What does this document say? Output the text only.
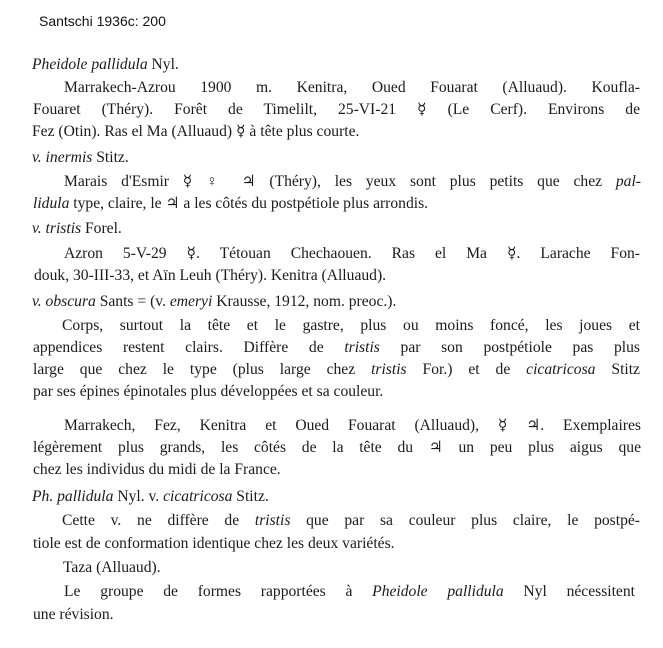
Santschi 1936c: 200
Pheidole pallidula Nyl.
Marrakech-Azrou 1900 m. Kenitra, Oued Fouarat (Alluaud). Koufla-
Fouaret (Théry). Forêt de Timelilt, 25-VI-21 ☿ (Le Cerf). Environs de
Fez (Otin). Ras el Ma (Alluaud) ☿ à tête plus courte.
v. inermis Stitz.
Marais d'Esmir ☿ ♀ ♃ (Théry), les yeux sont plus petits que chez pal-
lidula type, claire, le ♃ a les côtés du postpétiole plus arrondis.
v. tristis Forel.
Azron 5-V-29 ☿. Tétouan Chechaouen. Ras el Ma ☿. Larache Fon-
douk, 30-III-33, et Aïn Leuh (Théry). Kenitra (Alluaud).
v. obscura Sants = (v. emeryi Krausse, 1912, nom. preoc.).
Corps, surtout la tête et le gastre, plus ou moins foncé, les joues et
appendices restent clairs. Diffère de tristis par son postpétiole pas plus
large que chez le type (plus large chez tristis For.) et de cicatricosa Stitz
par ses épines épinotales plus développées et sa couleur.
Marrakech, Fez, Kenitra et Oued Fouarat (Alluaud), ☿ ♃. Exemplaires
légèrement plus grands, les côtés de la tête du ♃ un peu plus aigus que
chez les individus du midi de la France.
Ph. pallidula Nyl. v. cicatricosa Stitz.
Cette v. ne diffère de tristis que par sa couleur plus claire, le postpé-
tiole est de conformation identique chez les deux variétés.
Taza (Alluaud).
Le groupe de formes rapportées à Pheidole pallidula Nyl nécessitent
une révision.
